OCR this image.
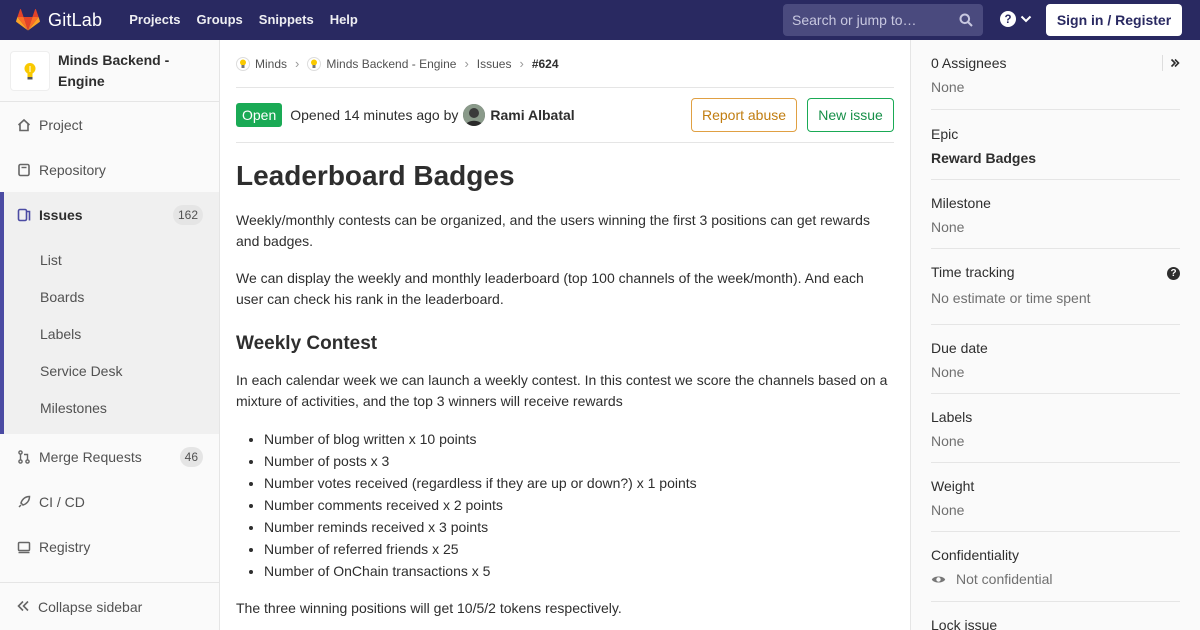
GitLab	Projects	Groups	Snippets	Help	Search or jump to…	?	Sign in / Register
Minds Backend - Engine
Project
Repository
Issues	162
List
Boards
Labels
Service Desk
Milestones
Merge Requests	46
CI / CD
Registry
Collapse sidebar
Minds › Minds Backend - Engine › Issues › #624
Open	Opened 14 minutes ago by Rami Albatal	Report abuse	New issue
Leaderboard Badges

Weekly/monthly contests can be organized, and the users winning the first 3 positions can get rewards and badges.

We can display the weekly and monthly leaderboard (top 100 channels of the week/month). And each user can check his rank in the leaderboard.

Weekly Contest

In each calendar week we can launch a weekly contest. In this contest we score the channels based on a mixture of activities, and the top 3 winners will receive rewards

• Number of blog written x 10 points
• Number of posts x 3
• Number votes received (regardless if they are up or down?) x 1 points
• Number comments received x 2 points
• Number reminds received x 3 points
• Number of referred friends x 25
• Number of OnChain transactions x 5

The three winning positions will get 10/5/2 tokens respectively.

0 Assignees
None
Epic
Reward Badges
Milestone
None
Time tracking
No estimate or time spent
?
Due date
None
Labels
None
Weight
None
Confidentiality
Not confidential
Lock issue
